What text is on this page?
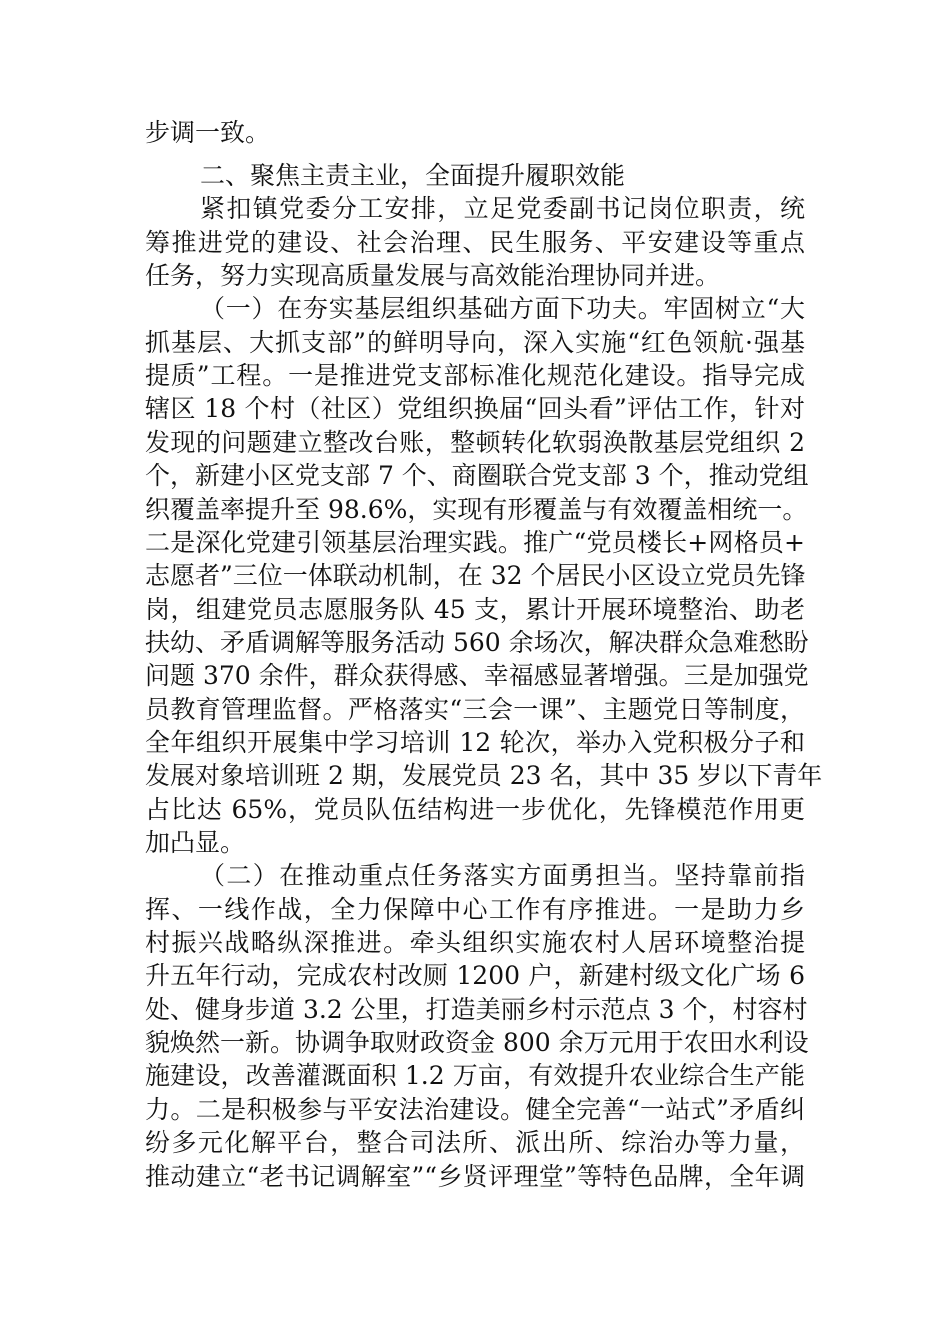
步调一致。
二、聚焦主责主业，全面提升履职效能
紧扣镇党委分工安排，立足党委副书记岗位职责，统
筹推进党的建设、社会治理、民生服务、平安建设等重点
任务，努力实现高质量发展与高效能治理协同并进。
（一）在夯实基层组织基础方面下功夫。牢固树立“大
抓基层、大抓支部”的鲜明导向，深入实施“红色领航·强基
提质”工程。一是推进党支部标准化规范化建设。指导完成
辖区 18 个村（社区）党组织换届“回头看”评估工作，针对
发现的问题建立整改台账，整顿转化软弱涣散基层党组织 2
个，新建小区党支部 7 个、商圈联合党支部 3 个，推动党组
织覆盖率提升至 98.6%，实现有形覆盖与有效覆盖相统一。
二是深化党建引领基层治理实践。推广“党员楼长+网格员+
志愿者”三位一体联动机制，在 32 个居民小区设立党员先锋
岗，组建党员志愿服务队 45 支，累计开展环境整治、助老
扶幼、矛盾调解等服务活动 560 余场次，解决群众急难愁盼
问题 370 余件，群众获得感、幸福感显著增强。三是加强党
员教育管理监督。严格落实“三会一课”、主题党日等制度，
全年组织开展集中学习培训 12 轮次，举办入党积极分子和
发展对象培训班 2 期，发展党员 23 名，其中 35 岁以下青年
占比达 65%，党员队伍结构进一步优化，先锋模范作用更
加凸显。
（二）在推动重点任务落实方面勇担当。坚持靠前指
挥、一线作战，全力保障中心工作有序推进。一是助力乡
村振兴战略纵深推进。牵头组织实施农村人居环境整治提
升五年行动，完成农村改厕 1200 户，新建村级文化广场 6
处、健身步道 3.2 公里，打造美丽乡村示范点 3 个，村容村
貌焕然一新。协调争取财政资金 800 余万元用于农田水利设
施建设，改善灌溉面积 1.2 万亩，有效提升农业综合生产能
力。二是积极参与平安法治建设。健全完善“一站式”矛盾纠
纷多元化解平台，整合司法所、派出所、综治办等力量，
推动建立“老书记调解室”“乡贤评理堂”等特色品牌，全年调
